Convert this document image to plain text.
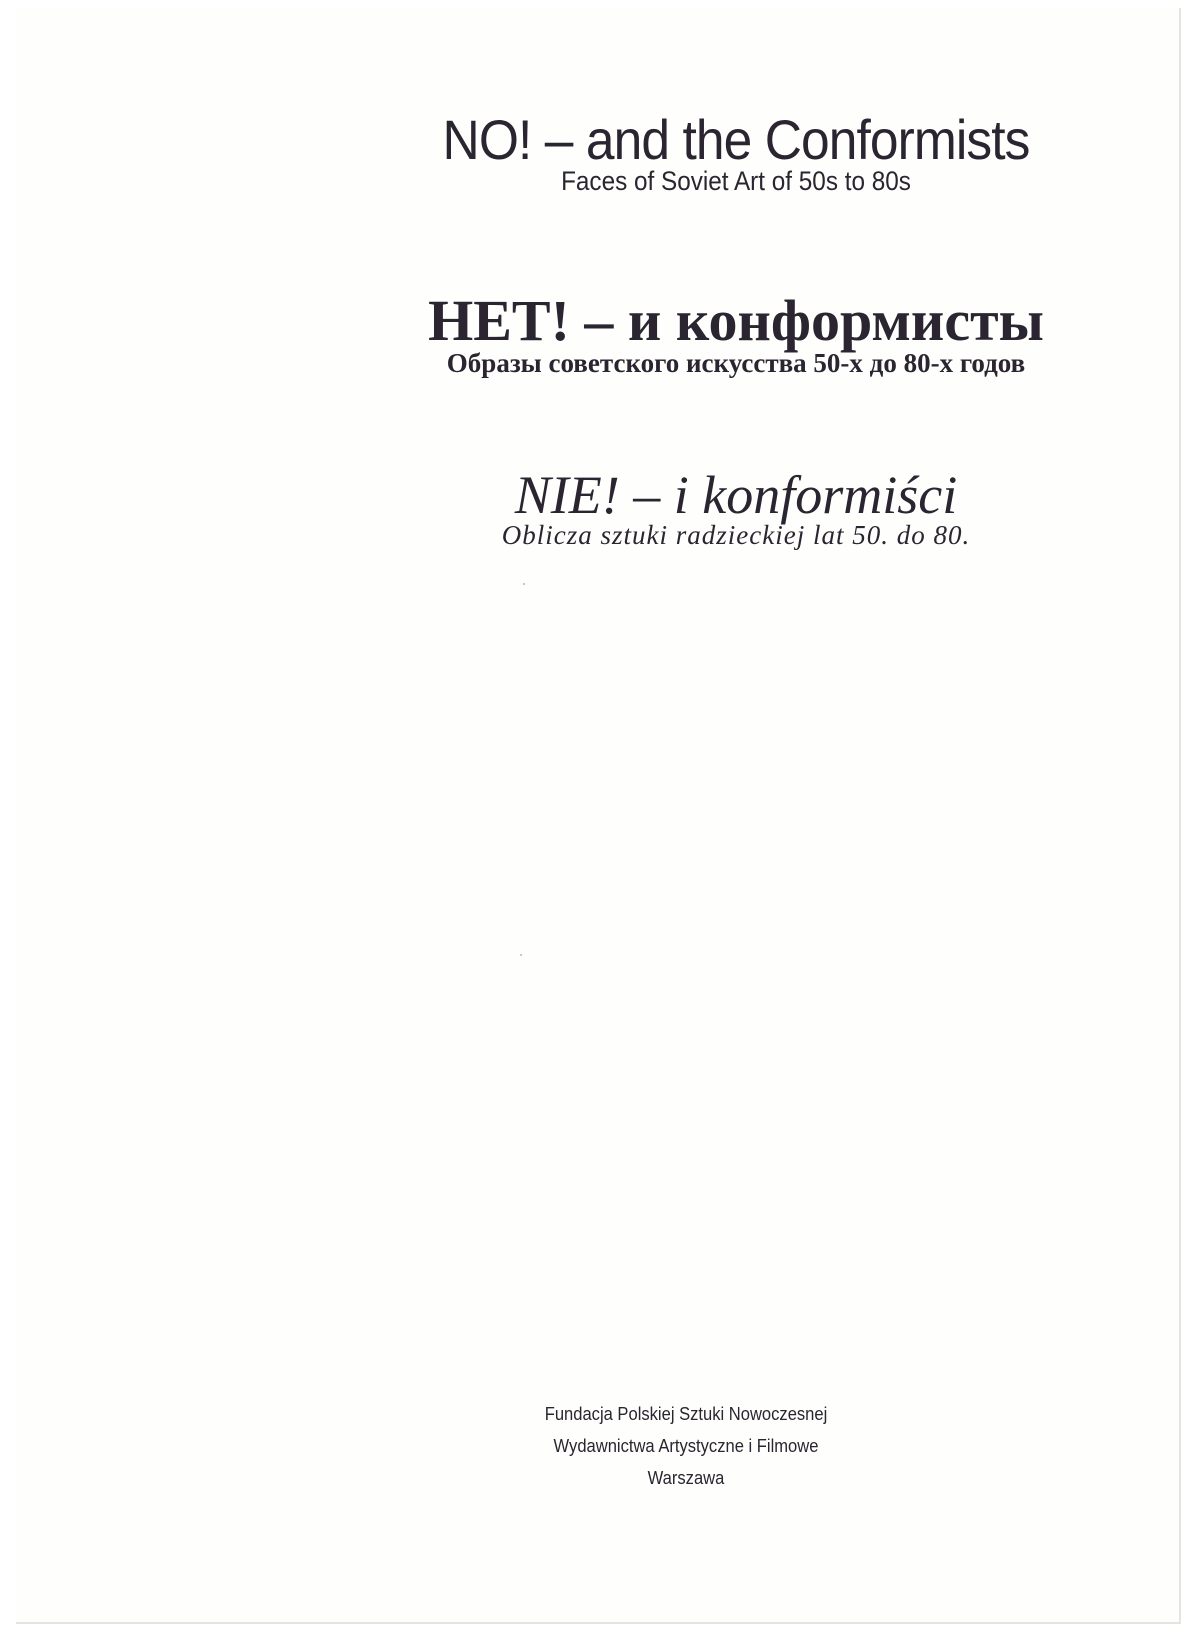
NO! – and the Conformists
Faces of Soviet Art of 50s to 80s
НЕТ! – и конформисты
Образы советского искусства 50-х до 80-х годов
NIE! – i konformiści
Oblicza sztuki radzieckiej lat 50. do 80.
Fundacja Polskiej Sztuki Nowoczesnej
Wydawnictwa Artystyczne i Filmowe
Warszawa
